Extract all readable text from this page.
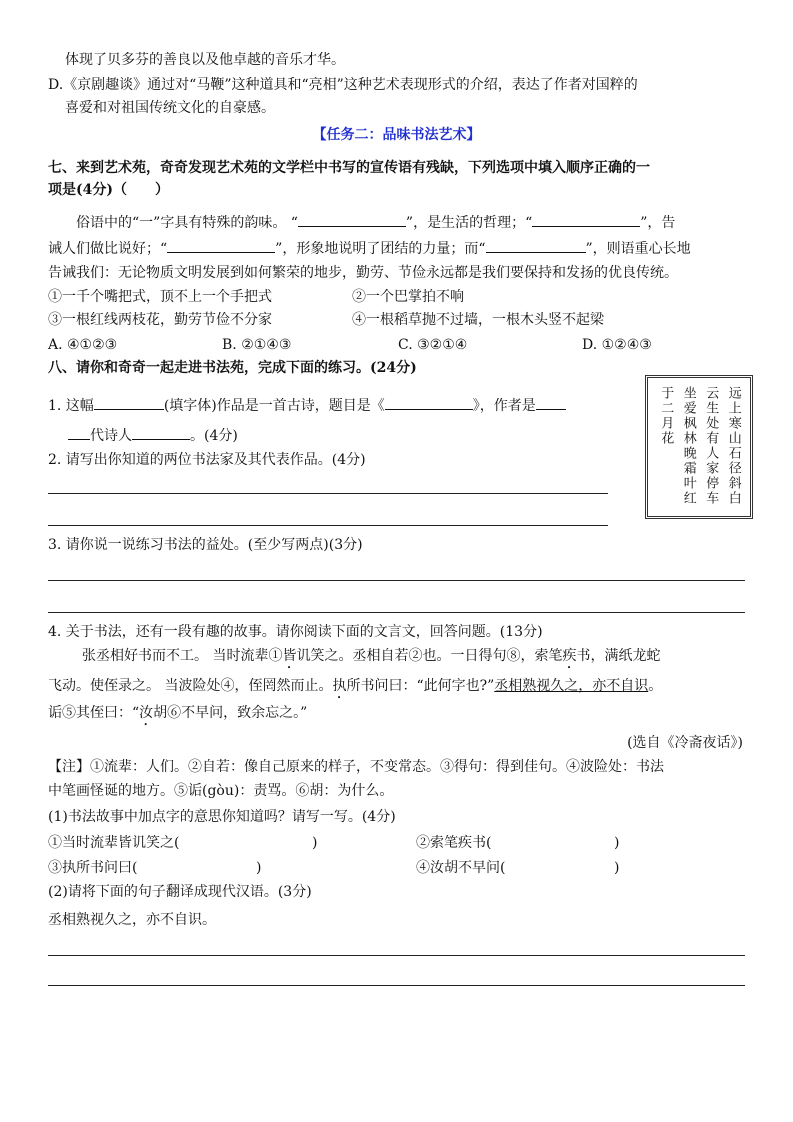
体现了贝多芬的善良以及他卓越的音乐才华。
D.《京剧趣谈》通过对“马鞭”这种道具和“亮相”这种艺术表现形式的介绍，表达了作者对国粹的
喜爱和对祖国传统文化的自豪感。
【任务二：品味书法艺术】
七、来到艺术苑，奇奇发现艺术苑的文学栏中书写的宣传语有残缺，下列选项中填入顺序正确的一
项是(4分)（　　）
俗语中的“一”字具有特殊的韵味。 “	”，是生活的哲理；“	”，告
诫人们做比说好；“	”，形象地说明了团结的力量；而“	”，则语重心长地
告诫我们：无论物质文明发展到如何繁荣的地步，勤劳、节俭永远都是我们要保持和发扬的优良传统。
①一千个嘴把式，顶不上一个手把式	②一个巴掌拍不响
③一根红线两枝花，勤劳节俭不分家	④一根稻草抛不过墙，一根木头竖不起梁
A. ④①②③	B. ②①④③	C. ③②①④	D. ①②④③
八、请你和奇奇一起走进书法苑，完成下面的练习。(24分)
1. 这幅	(填字体)作品是一首古诗，题目是《	》，作者是
代诗人	。(4分)
2. 请写出你知道的两位书法家及其代表作品。(4分)	远上寒山石径斜白
云生处有人家停车
坐爱枫林晚霜叶红
于二月花
3. 请你说一说练习书法的益处。(至少写两点)(3分)
4. 关于书法，还有一段有趣的故事。请你阅读下面的文言文，回答问题。(13分)
张丞相好书而不工。 当时流辈①皆讥笑之。丞相自若②也。一日得句⑧，索笔疾书，满纸龙蛇
飞动。使侄录之。 当波险处④，侄罔然而止。执所书问曰：“此何字也?”丞相熟视久之，亦不自识。
诟⑤其侄曰：“汝胡⑥不早问，致余忘之。”
(选自《冷斋夜话》)
【注】①流辈：人们。②自若：像自己原来的样子，不变常态。③得句：得到佳句。④波险处：书法
中笔画怪诞的地方。⑤诟(gòu)：责骂。⑥胡：为什么。
(1)书法故事中加点字的意思你知道吗？请写一写。(4分)
①当时流辈皆讥笑之(	)	②索笔疾书(	)
③执所书问曰(	)	④汝胡不早问(	)
(2)请将下面的句子翻译成现代汉语。(3分)
丞相熟视久之，亦不自识。
